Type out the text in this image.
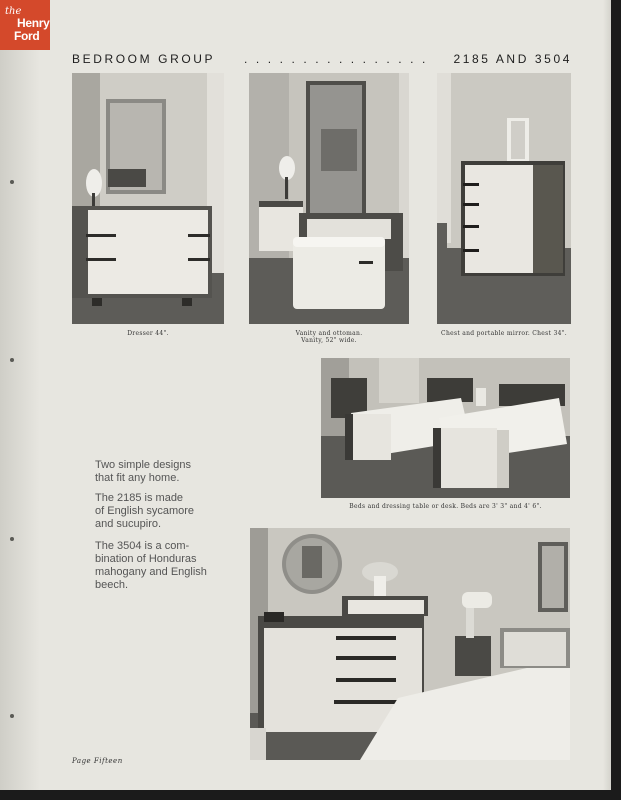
the
Henry
Ford
BEDROOM GROUP . . . . . . . . . . . . . . . . 2185 AND 3504
Dresser 44".	Vanity and ottoman.
Vanity, 52" wide.
Chest and portable mirror. Chest 34".
Beds and dressing table or desk. Beds are 3' 3" and 4' 6".
Two simple designs
that fit any home.
The 2185 is made
of English sycamore
and sucupiro.
The 3504 is a com-
bination of Honduras
mahogany and English
beech.
Page Fifteen
